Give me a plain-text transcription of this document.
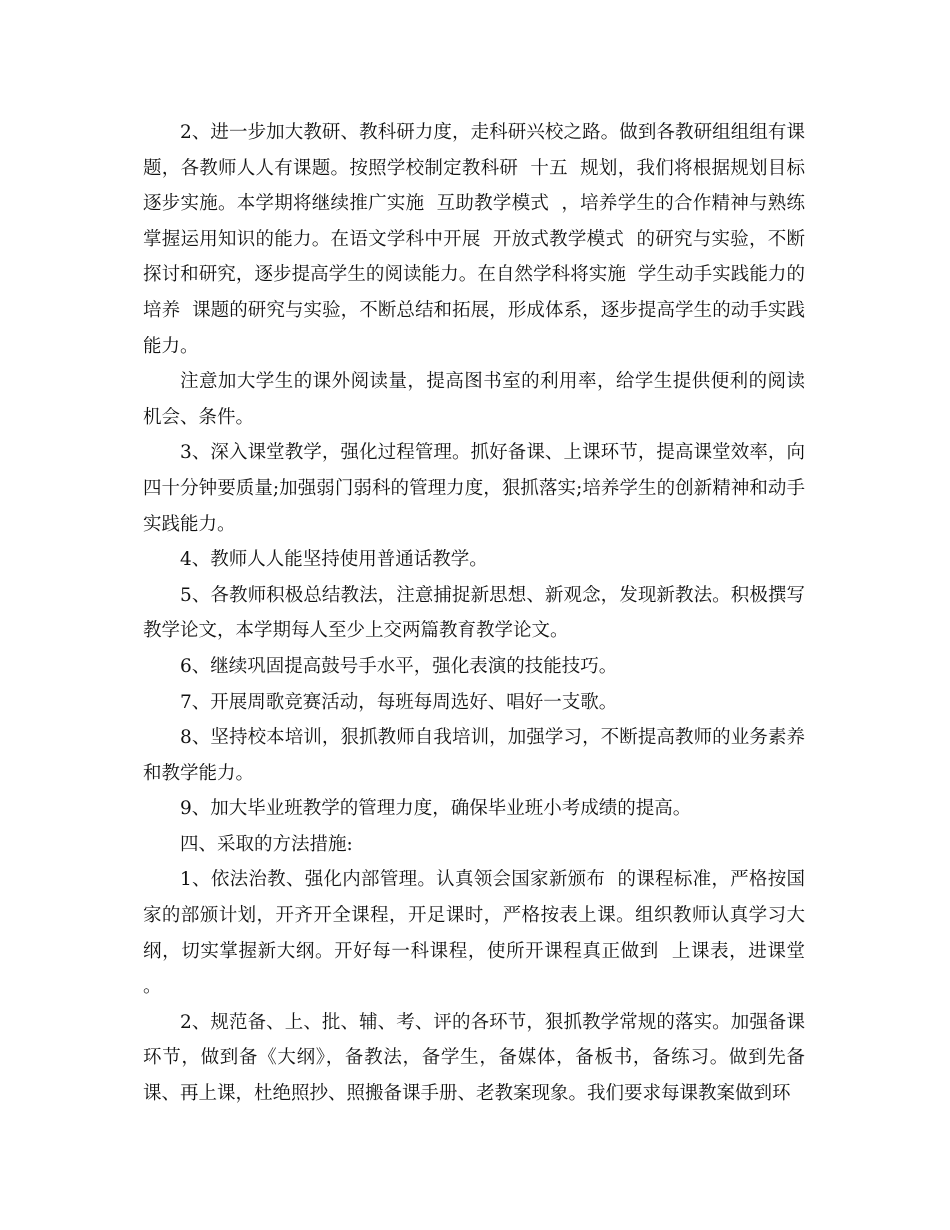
2、进一步加大教研、教科研力度，走科研兴校之路。做到各教研组组组有课题，各教师人人有课题。按照学校制定教科研  十五  规划，我们将根据规划目标逐步实施。本学期将继续推广实施  互助教学模式  ，培养学生的合作精神与熟练掌握运用知识的能力。在语文学科中开展  开放式教学模式  的研究与实验，不断探讨和研究，逐步提高学生的阅读能力。在自然学科将实施  学生动手实践能力的培养  课题的研究与实验，不断总结和拓展，形成体系，逐步提高学生的动手实践能力。

注意加大学生的课外阅读量，提高图书室的利用率，给学生提供便利的阅读机会、条件。

3、深入课堂教学，强化过程管理。抓好备课、上课环节，提高课堂效率，向四十分钟要质量;加强弱门弱科的管理力度，狠抓落实;培养学生的创新精神和动手实践能力。

4、教师人人能坚持使用普通话教学。

5、各教师积极总结教法，注意捕捉新思想、新观念，发现新教法。积极撰写教学论文，本学期每人至少上交两篇教育教学论文。

6、继续巩固提高鼓号手水平，强化表演的技能技巧。

7、开展周歌竞赛活动，每班每周选好、唱好一支歌。

8、坚持校本培训，狠抓教师自我培训，加强学习，不断提高教师的业务素养和教学能力。

9、加大毕业班教学的管理力度，确保毕业班小考成绩的提高。

四、采取的方法措施:

1、依法治教、强化内部管理。认真领会国家新颁布  的课程标准，严格按国家的部颁计划，开齐开全课程，开足课时，严格按表上课。组织教师认真学习大纲，切实掌握新大纲。开好每一科课程，使所开课程真正做到  上课表，进课堂  。

2、规范备、上、批、辅、考、评的各环节，狠抓教学常规的落实。加强备课环节，做到备《大纲》，备教法，备学生，备媒体，备板书，备练习。做到先备课、再上课，杜绝照抄、照搬备课手册、老教案现象。我们要求每课教案做到环
